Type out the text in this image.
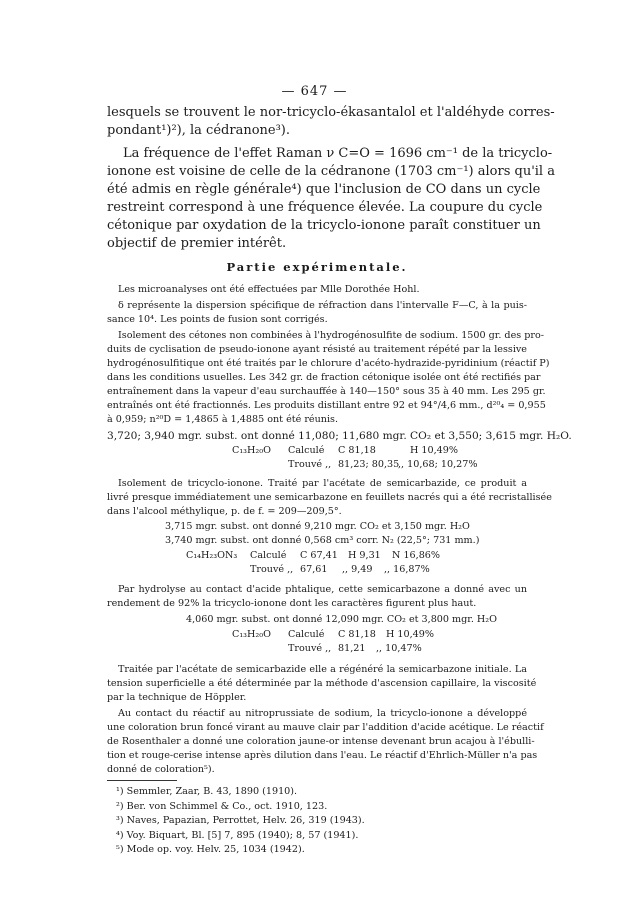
— 647 —
lesquels se trouvent le nor-tricyclo-ékasantalol et l'aldéhyde corres-
pondant¹)²), la cédranone³).
La fréquence de l'effet Raman ν C=O = 1696 cm⁻¹ de la tricyclo-
ionone est voisine de celle de la cédranone (1703 cm⁻¹) alors qu'il a
été admis en règle générale⁴) que l'inclusion de CO dans un cycle
restreint correspond à une fréquence élevée. La coupure du cycle
cétonique par oxydation de la tricyclo-ionone paraît constituer un
objectif de premier intérêt.
Partie expérimentale.
Les microanalyses ont été effectuées par Mlle Dorothée Hohl.
δ représente la dispersion spécifique de réfraction dans l'intervalle F—C, à la puis-
sance 10⁴. Les points de fusion sont corrigés.
Isolement des cétones non combinées à l'hydrogénosulfite de sodium. 1500 gr. des pro-
duits de cyclisation de pseudo-ionone ayant résisté au traitement répété par la lessive
hydrogénosulfitique ont été traités par le chlorure d'acéto-hydrazide-pyridinium (réactif P)
dans les conditions usuelles. Les 342 gr. de fraction cétonique isolée ont été rectifiés par
entraînement dans la vapeur d'eau surchauffée à 140—150° sous 35 à 40 mm. Les 295 gr.
entraînés ont été fractionnés. Les produits distillant entre 92 et 94°/4,6 mm., d²⁰₄ = 0,955
à 0,959; n²⁰D = 1,4865 à 1,4885 ont été réunis.
3,720; 3,940 mgr. subst. ont donné 11,080; 11,680 mgr. CO₂ et 3,550; 3,615 mgr. H₂O.
C₁₃H₂₀O Calculé C 81,18	H 10,49%
Trouvé ,, 81,23; 80,35
,, 10,68; 10,27%
Isolement de tricyclo-ionone. Traité par l'acétate de semicarbazide, ce produit a
livré presque immédiatement une semicarbazone en feuillets nacrés qui a été recristallisée
dans l'alcool méthylique, p. de f. = 209—209,5°.
3,715 mgr. subst. ont donné 9,210 mgr. CO₂ et 3,150 mgr. H₂O
3,740 mgr. subst. ont donné 0,568 cm³ corr. N₂ (22,5°; 731 mm.)
C₁₄H₂₃ON₃ Calculé C 67,41 H 9,31 N 16,86%
Trouvé ,, 67,61 ,, 9,49 ,, 16,87%
Par hydrolyse au contact d'acide phtalique, cette semicarbazone a donné avec un
rendement de 92% la tricyclo-ionone dont les caractères figurent plus haut.
4,060 mgr. subst. ont donné 12,090 mgr. CO₂ et 3,800 mgr. H₂O
C₁₃H₂₀O Calculé C 81,18 H 10,49%
Trouvé ,, 81,21 ,, 10,47%
Traitée par l'acétate de semicarbazide elle a régénéré la semicarbazone initiale. La
tension superficielle a été déterminée par la méthode d'ascension capillaire, la viscosité
par la technique de Höppler.
Au contact du réactif au nitroprussiate de sodium, la tricyclo-ionone a développé
une coloration brun foncé virant au mauve clair par l'addition d'acide acétique. Le réactif
de Rosenthaler a donné une coloration jaune-or intense devenant brun acajou à l'ébulli-
tion et rouge-cerise intense après dilution dans l'eau. Le réactif d'Ehrlich-Müller n'a pas
donné de coloration⁵).
¹) Semmler, Zaar, B. 43, 1890 (1910).
²) Ber. von Schimmel & Co., oct. 1910, 123.
³) Naves, Papazian, Perrottet, Helv. 26, 319 (1943).
⁴) Voy. Biquart, Bl. [5] 7, 895 (1940); 8, 57 (1941).
⁵) Mode op. voy. Helv. 25, 1034 (1942).
